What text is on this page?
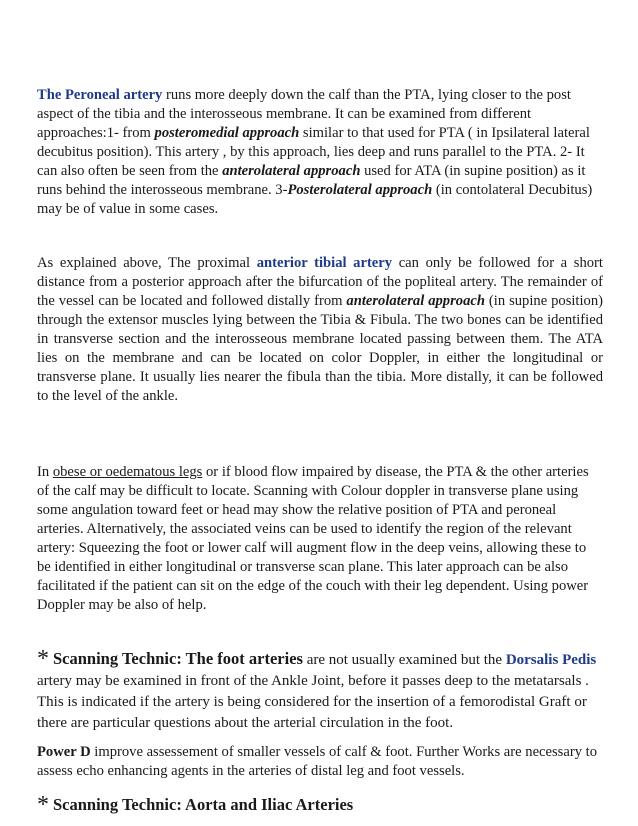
The Peroneal artery runs more deeply down the calf than the PTA, lying closer to the post aspect of the tibia and the interosseous membrane. It can be examined from different approaches:1- from posteromedial approach similar to that used for PTA ( in Ipsilateral lateral decubitus position). This artery , by this approach, lies deep and runs parallel to the PTA. 2- It can also often be seen from the anterolateral approach used for ATA (in supine position) as it runs behind the interosseous membrane. 3-Posterolateral approach (in contolateral Decubitus) may be of value in some cases.

As explained above, The proximal anterior tibial artery can only be followed for a short distance from a posterior approach after the bifurcation of the popliteal artery. The remainder of the vessel can be located and followed distally from anterolateral approach (in supine position) through the extensor muscles lying between the Tibia & Fibula. The two bones can be identified in transverse section and the interosseous membrane located passing between them. The ATA lies on the membrane and can be located on color Doppler, in either the longitudinal or transverse plane. It usually lies nearer the fibula than the tibia. More distally, it can be followed to the level of the ankle.

In obese or oedematous legs or if blood flow impaired by disease, the PTA & the other arteries of the calf may be difficult to locate. Scanning with Colour doppler in transverse plane using some angulation toward feet or head may show the relative position of PTA and peroneal arteries. Alternatively, the associated veins can be used to identify the region of the relevant artery: Squeezing the foot or lower calf will augment flow in the deep veins, allowing these to be identified in either longitudinal or transverse scan plane. This later approach can be also facilitated if the patient can sit on the edge of the couch with their leg dependent. Using power Doppler may be also of help.

* Scanning Technic: The foot arteries are not usually examined but the Dorsalis Pedis artery may be examined in front of the Ankle Joint, before it passes deep to the metatarsals . This is indicated if the artery is being considered for the insertion of a femorodistal Graft or there are particular questions about the arterial circulation in the foot.

Power D improve assessement of smaller vessels of calf & foot. Further Works are necessary to assess echo enhancing agents in the arteries of distal leg and foot vessels.

* Scanning Technic: Aorta and Iliac Arteries
